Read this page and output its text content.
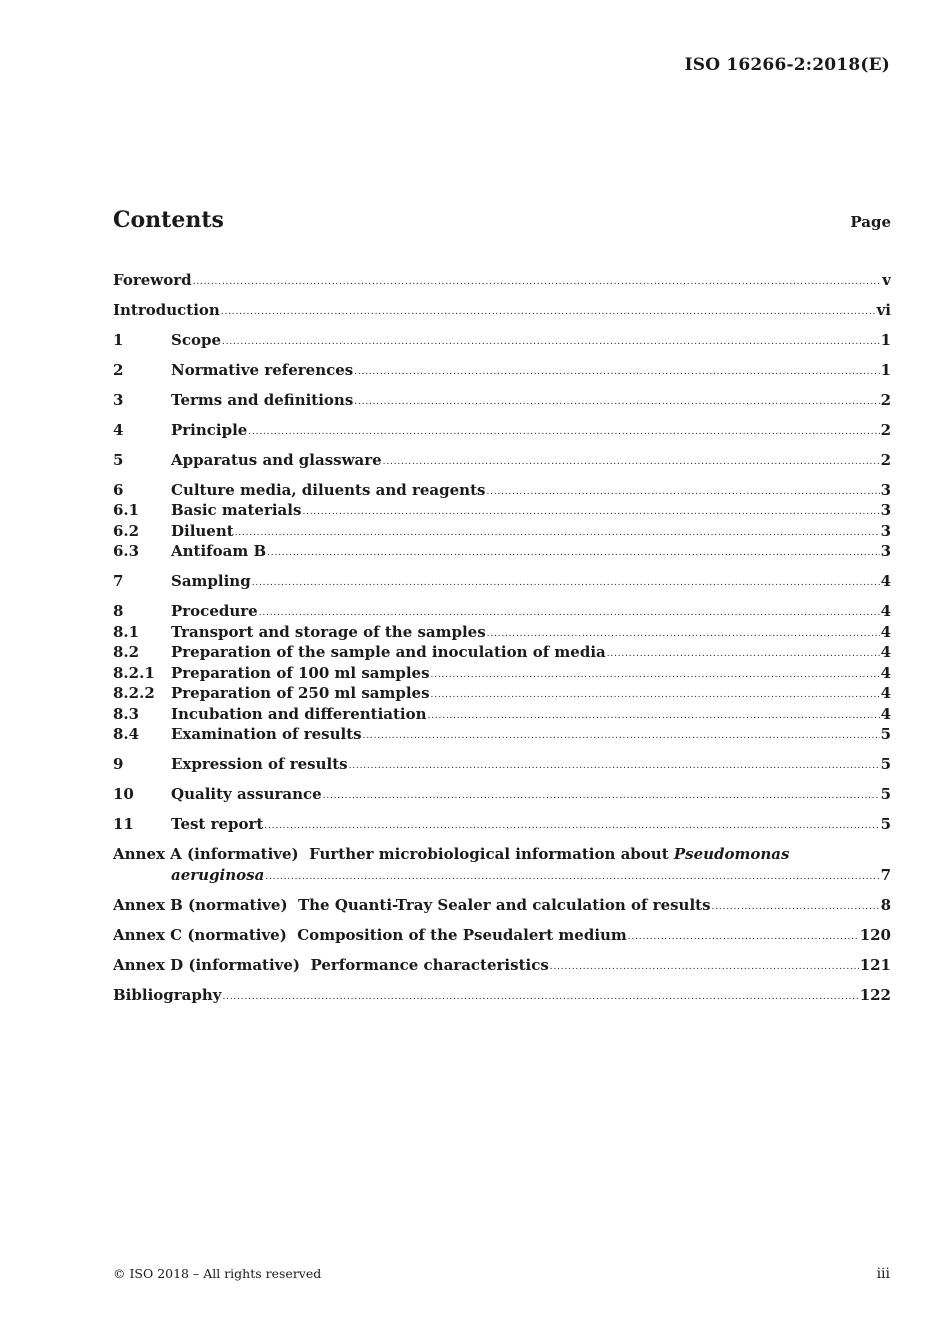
ISO 16266-2:2018(E)
Contents	Page
Foreword .....	v
Introduction .....	vi
1	Scope .....	1
2	Normative references .....	1
3	Terms and definitions .....	2
4	Principle .....	2
5	Apparatus and glassware .....	2
6	Culture media, diluents and reagents .....	3
6.1	Basic materials .....	3
6.2	Diluent .....	3
6.3	Antifoam B .....	3
7	Sampling .....	4
8	Procedure .....	4
8.1	Transport and storage of the samples .....	4
8.2	Preparation of the sample and inoculation of media .....	4
8.2.1	Preparation of 100 ml samples .....	4
8.2.2	Preparation of 250 ml samples .....	4
8.3	Incubation and differentiation .....	4
8.4	Examination of results .....	5
9	Expression of results .....	5
10	Quality assurance .....	5
11	Test report .....	5
Annex A (informative)  Further microbiological information about Pseudomonas
aeruginosa .....	7
Annex B (normative)  The Quanti-Tray Sealer and calculation of results .....	8
Annex C (normative)  Composition of the Pseudalert medium .....	120
Annex D (informative)  Performance characteristics .....	121
Bibliography .....	122
© ISO 2018 – All rights reserved	iii
